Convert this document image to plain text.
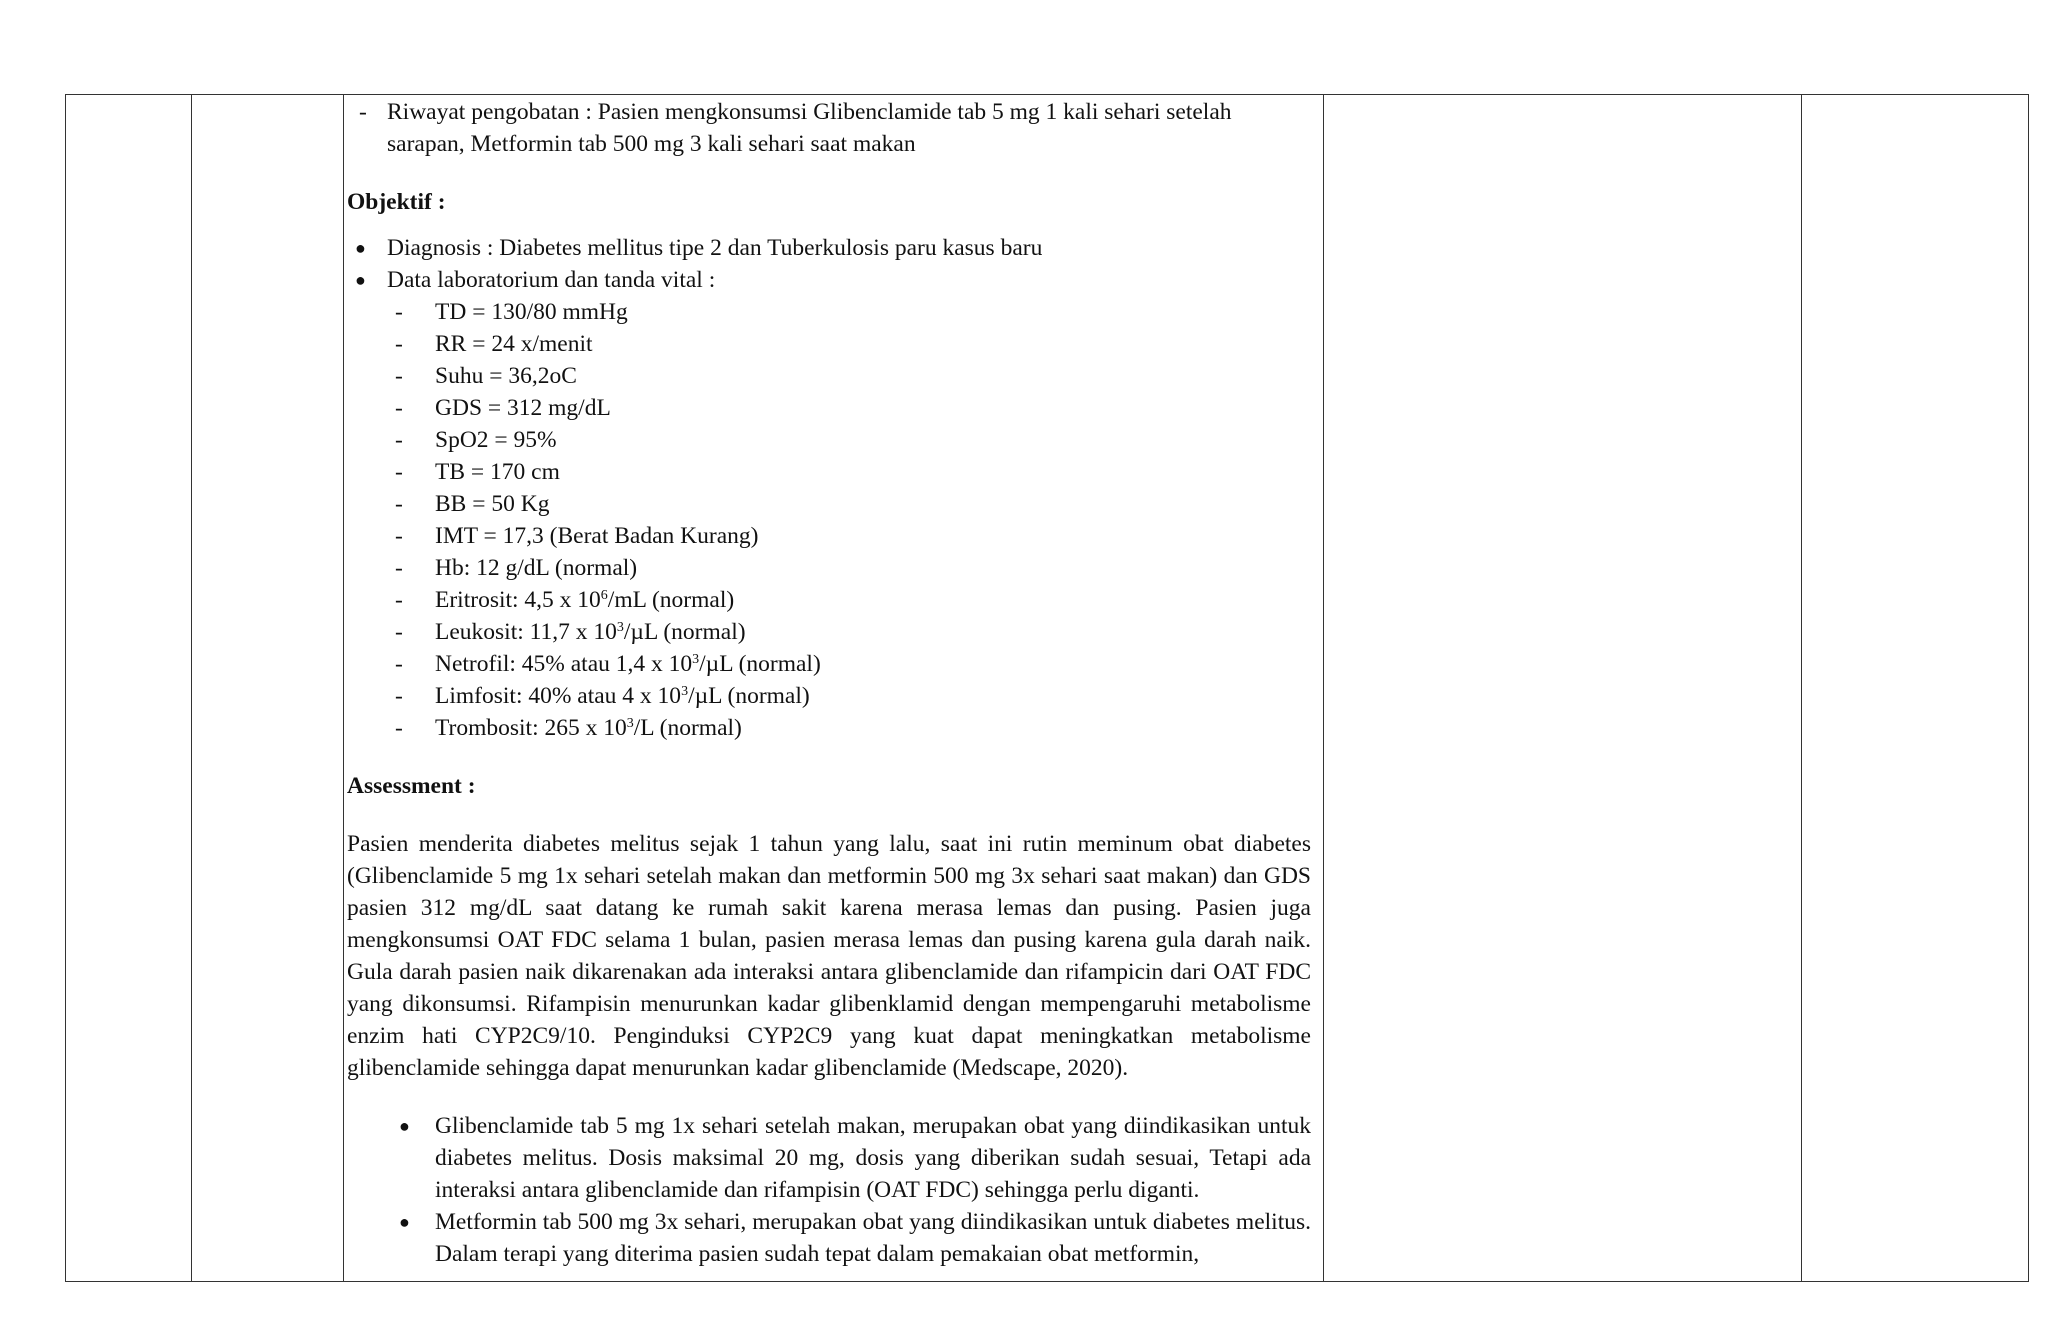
- Riwayat pengobatan : Pasien mengkonsumsi Glibenclamide tab 5 mg 1 kali sehari setelah sarapan, Metformin tab 500 mg 3 kali sehari saat makan
Objektif :
● Diagnosis : Diabetes mellitus tipe 2 dan Tuberkulosis paru kasus baru
● Data laboratorium dan tanda vital :
-	TD = 130/80 mmHg
-	RR = 24 x/menit
-	Suhu = 36,2oC
-	GDS = 312 mg/dL
-	SpO2 = 95%
-	TB = 170 cm
-	BB = 50 Kg
-	IMT = 17,3 (Berat Badan Kurang)
-	Hb: 12 g/dL (normal)
-	Eritrosit: 4,5 x $10^6/mL$ (normal)
-	Leukosit: 11,7 x $10^3/\mu L$ (normal)
-	Netrofil: 45% atau 1,4 x $10^3/\mu L$ (normal)
-	Limfosit: 40% atau 4 x $10^3/\mu L$ (normal)
-	Trombosit: 265 x $10^3/L$ (normal)
Assessment :
Pasien menderita diabetes melitus sejak 1 tahun yang lalu, saat ini rutin meminum obat diabetes (Glibenclamide 5 mg 1x sehari setelah makan dan metformin 500 mg 3x sehari saat makan) dan GDS pasien 312 mg/dL saat datang ke rumah sakit karena merasa lemas dan pusing. Pasien juga mengkonsumsi OAT FDC selama 1 bulan, pasien merasa lemas dan pusing karena gula darah naik. Gula darah pasien naik dikarenakan ada interaksi antara glibenclamide dan rifampicin dari OAT FDC yang dikonsumsi. Rifampisin menurunkan kadar glibenklamid dengan mempengaruhi metabolisme enzim hati CYP2C9/10. Penginduksi CYP2C9 yang kuat dapat meningkatkan metabolisme glibenclamide sehingga dapat menurunkan kadar glibenclamide (Medscape, 2020).
●	Glibenclamide tab 5 mg 1x sehari setelah makan, merupakan obat yang diindikasikan untuk diabetes melitus. Dosis maksimal 20 mg, dosis yang diberikan sudah sesuai, Tetapi ada interaksi antara glibenclamide dan rifampisin (OAT FDC) sehingga perlu diganti.
●	Metformin tab 500 mg 3x sehari, merupakan obat yang diindikasikan untuk diabetes melitus. Dalam terapi yang diterima pasien sudah tepat dalam pemakaian obat metformin,
